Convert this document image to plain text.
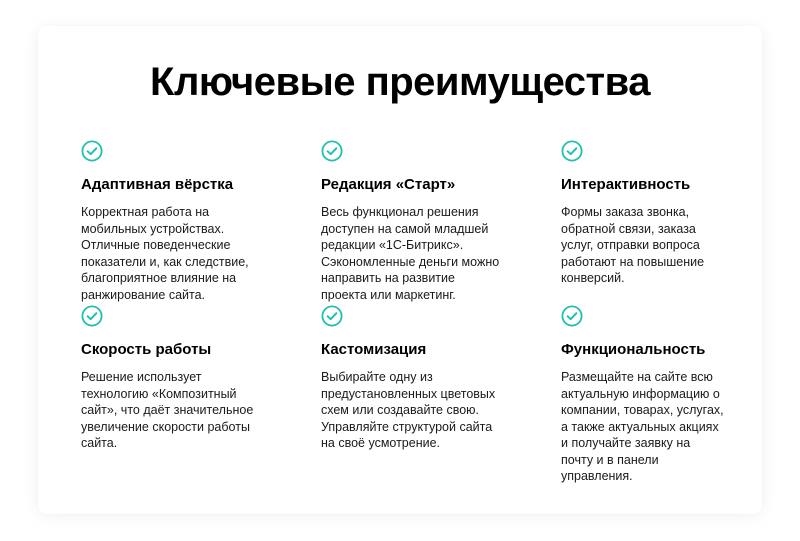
Ключевые преимущества
Адаптивная вёрстка
Корректная работа на
мобильных устройствах.
Отличные поведенческие
показатели и, как следствие,
благоприятное влияние на
ранжирование сайта.
Редакция «Старт»
Весь функционал решения
доступен на самой младшей
редакции «1С-Битрикс».
Сэкономленные деньги можно
направить на развитие
проекта или маркетинг.
Интерактивность
Формы заказа звонка,
обратной связи, заказа
услуг, отправки вопроса
работают на повышение
конверсий.
Скорость работы
Решение использует
технологию «Композитный
сайт», что даёт значительное
увеличение скорости работы
сайта.
Кастомизация
Выбирайте одну из
предустановленных цветовых
схем или создавайте свою.
Управляйте структурой сайта
на своё усмотрение.
Функциональность
Размещайте на сайте всю
актуальную информацию о
компании, товарах, услугах,
а также актуальных акциях
и получайте заявку на
почту и в панели
управления.
